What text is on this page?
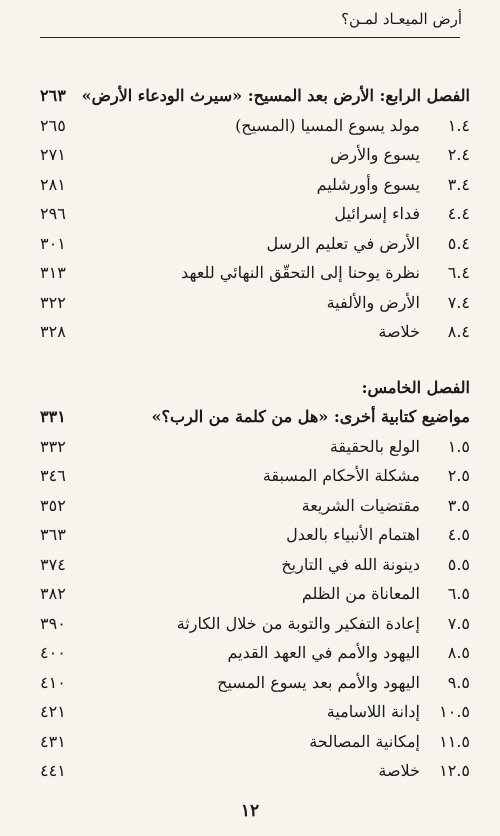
أرض الميعـاد لمـن؟
الفصل الرابع: الأرض بعد المسيح: «سيرث الودعاء الأرض»
٢٦٣
١.٤
مولد يسوع المسيا (المسيح)
٢٦٥
٢.٤
يسوع والأرض
٢٧١
٣.٤
يسوع وأورشليم
٢٨١
٤.٤
فداء إسرائيل
٢٩٦
٥.٤
الأرض في تعليم الرسل
٣٠١
٦.٤
نظرة يوحنا إلى التحقّق النهائي للعهد
٣١٣
٧.٤
الأرض والألفية
٣٢٢
٨.٤
خلاصة
٣٢٨
الفصل الخامس:
مواضيع كتابية أخرى: «هل من كلمة من الرب؟»
٣٣١
١.٥
الولع بالحقيقة
٣٣٢
٢.٥
مشكلة الأحكام المسبقة
٣٤٦
٣.٥
مقتضيات الشريعة
٣٥٢
٤.٥
اهتمام الأنبياء بالعدل
٣٦٣
٥.٥
دينونة الله في التاريخ
٣٧٤
٦.٥
المعاناة من الظلم
٣٨٢
٧.٥
إعادة التفكير والتوبة من خلال الكارثة
٣٩٠
٨.٥
اليهود والأمم في العهد القديم
٤٠٠
٩.٥
اليهود والأمم بعد يسوع المسيح
٤١٠
١٠.٥
إدانة اللاسامية
٤٢١
١١.٥
إمكانية المصالحة
٤٣١
١٢.٥
خلاصة
٤٤١
١٢
